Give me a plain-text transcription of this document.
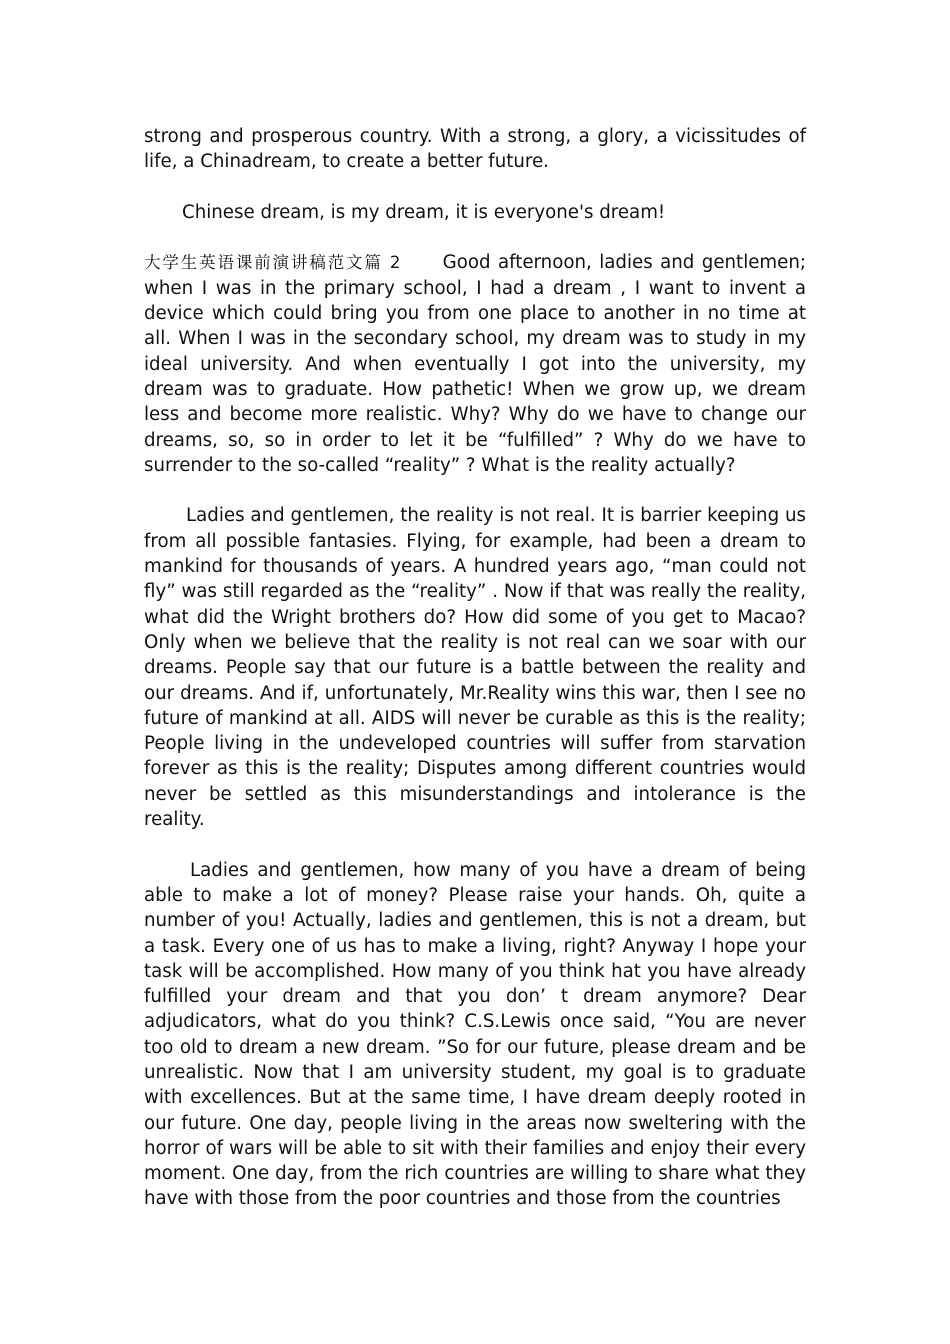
strong and prosperous country. With a strong, a glory, a vicissitudes of life, a Chinadream, to create a better future.

Chinese dream, is my dream, it is everyone's dream!

大学生英语课前演讲稿范文篇 2 Good afternoon, ladies and gentlemen; when I was in the primary school, I had a dream , I want to invent a device which could bring you from one place to another in no time at all. When I was in the secondary school, my dream was to study in my ideal university. And when eventually I got into the university, my dream was to graduate. How pathetic! When we grow up, we dream less and become more realistic. Why? Why do we have to change our dreams, so, so in order to let it be “fulfilled” ? Why do we have to surrender to the so-called “reality” ? What is the reality actually?

Ladies and gentlemen, the reality is not real. It is barrier keeping us from all possible fantasies. Flying, for example, had been a dream to mankind for thousands of years. A hundred years ago, “man could not fly” was still regarded as the “reality” . Now if that was really the reality, what did the Wright brothers do? How did some of you get to Macao? Only when we believe that the reality is not real can we soar with our dreams. People say that our future is a battle between the reality and our dreams. And if, unfortunately, Mr.Reality wins this war, then I see no future of mankind at all. AIDS will never be curable as this is the reality; People living in the undeveloped countries will suffer from starvation forever as this is the reality; Disputes among different countries would never be settled as this misunderstandings and intolerance is the reality.

Ladies and gentlemen, how many of you have a dream of being able to make a lot of money? Please raise your hands. Oh, quite a number of you! Actually, ladies and gentlemen, this is not a dream, but a task. Every one of us has to make a living, right? Anyway I hope your task will be accomplished. How many of you think hat you have already fulfilled your dream and that you don’ t dream anymore? Dear adjudicators, what do you think? C.S.Lewis once said, “You are never too old to dream a new dream. ”So for our future, please dream and be unrealistic. Now that I am university student, my goal is to graduate with excellences. But at the same time, I have dream deeply rooted in our future. One day, people living in the areas now sweltering with the horror of wars will be able to sit with their families and enjoy their every moment. One day, from the rich countries are willing to share what they have with those from the poor countries and those from the countries
